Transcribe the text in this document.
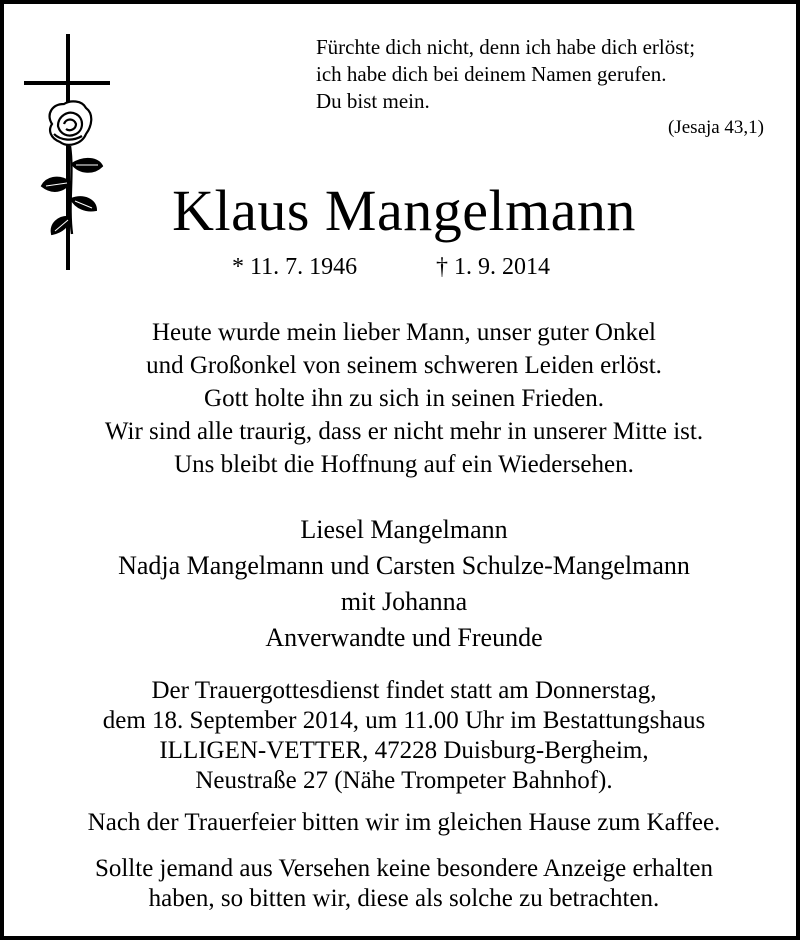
Fürchte dich nicht, denn ich habe dich erlöst;
ich habe dich bei deinem Namen gerufen.
Du bist mein.
(Jesaja 43,1)
Klaus Mangelmann
* 11. 7. 1946	† 1. 9. 2014
Heute wurde mein lieber Mann, unser guter Onkel
und Großonkel von seinem schweren Leiden erlöst.
Gott holte ihn zu sich in seinen Frieden.
Wir sind alle traurig, dass er nicht mehr in unserer Mitte ist.
Uns bleibt die Hoffnung auf ein Wiedersehen.
Liesel Mangelmann
Nadja Mangelmann und Carsten Schulze-Mangelmann
mit Johanna
Anverwandte und Freunde
Der Trauergottesdienst findet statt am Donnerstag,
dem 18. September 2014, um 11.00 Uhr im Bestattungshaus
ILLIGEN-VETTER, 47228 Duisburg-Bergheim,
Neustraße 27 (Nähe Trompeter Bahnhof).
Nach der Trauerfeier bitten wir im gleichen Hause zum Kaffee.
Sollte jemand aus Versehen keine besondere Anzeige erhalten
haben, so bitten wir, diese als solche zu betrachten.
